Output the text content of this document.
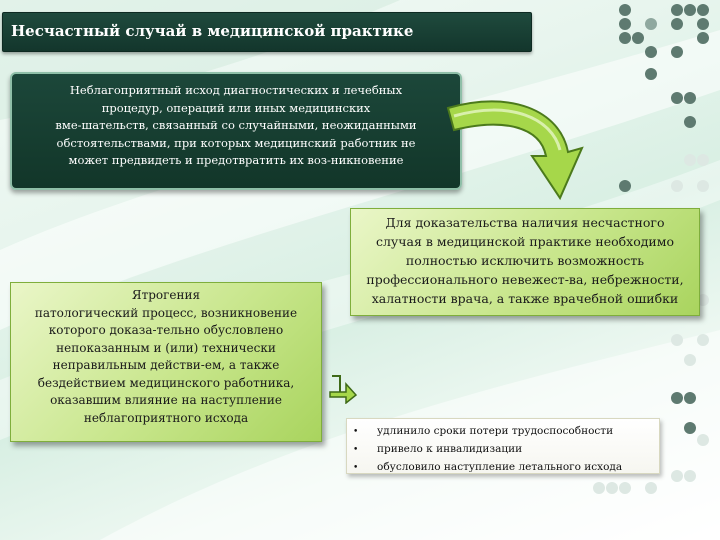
Несчастный случай в медицинской практике
Неблагоприятный исход диагностических и лечебных
процедур, операций или иных медицинских
вме-шательств, связанный со случайными, неожиданными
обстоятельствами, при которых медицинский работник не
может предвидеть и предотвратить их воз-никновение
Для доказательства наличия несчастного
случая в медицинской практике необходимо
полностью исключить возможность
профессионального невежест-ва, небрежности,
халатности врача, а также врачебной ошибки
Ятрогения
патологический процесс, возникновение
которого доказа-тельно обусловлено
непоказанным и (или) технически
неправильным действи-ем, а также
бездействием медицинского работника,
оказавшим влияние на наступление
неблагоприятного исхода
•	удлинило сроки потери трудоспособности
•	привело к инвалидизации
•	обусловило наступление летального исхода
